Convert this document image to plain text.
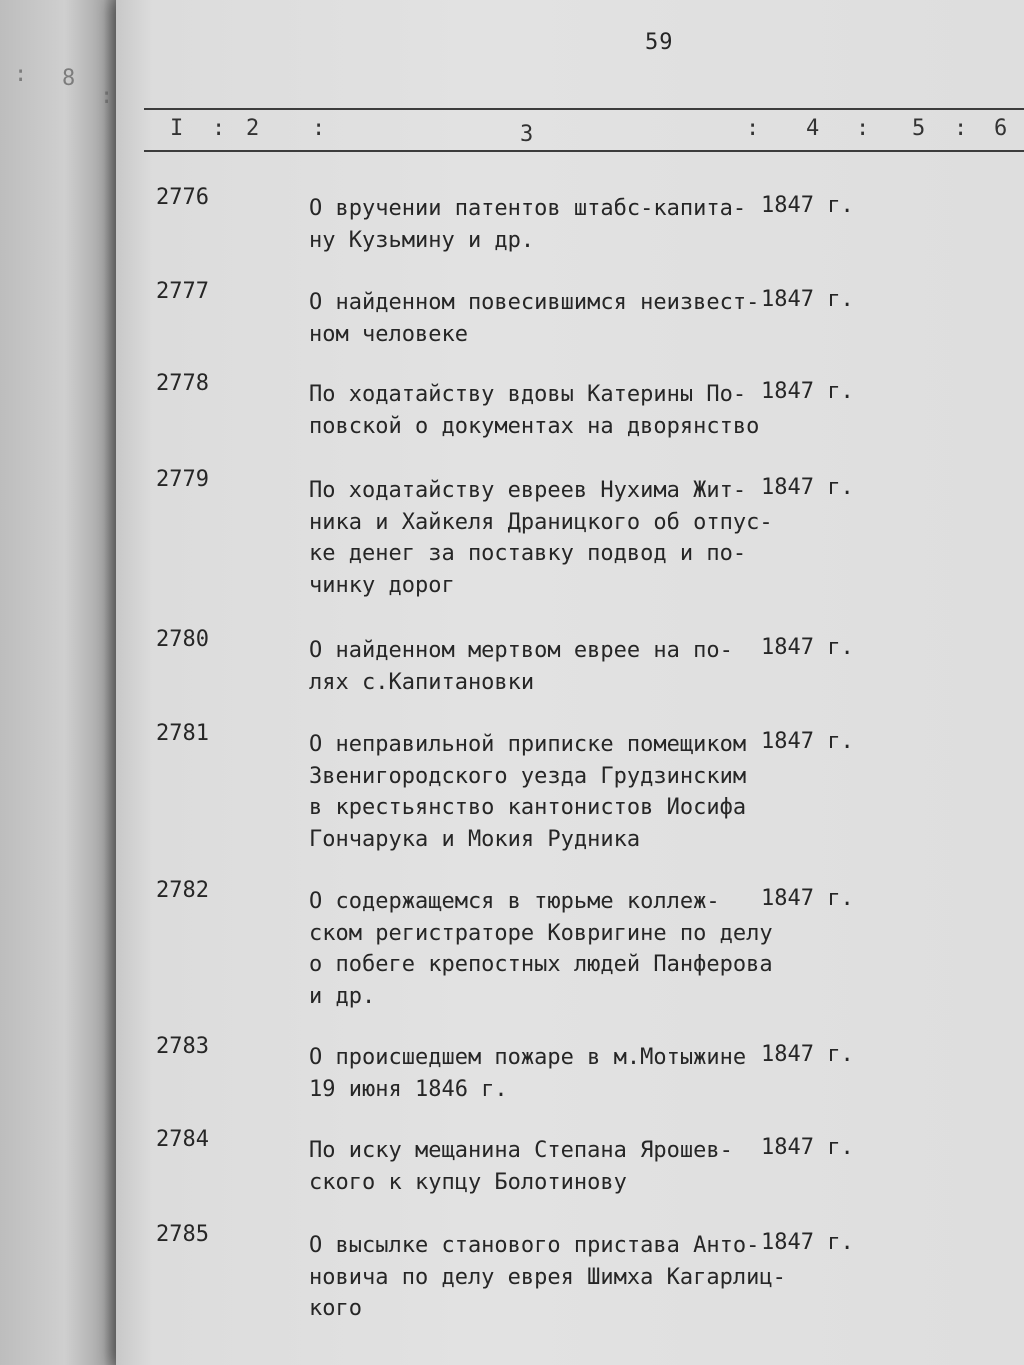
: 8
:
59
I : 2 :	3	: 4 : 5 : 6
2776	О вручении патентов штабс-капита-
ну Кузьмину и др.
1847 г.
2777	О найденном повесившимся неизвест-
ном человеке
1847 г.
2778	По ходатайству вдовы Катерины По-
повской о документах на дворянство
1847 г.
2779	По ходатайству евреев Нухима Жит-
ника и Хайкеля Драницкого об отпус-
ке денег за поставку подвод и по-
чинку дорог
1847 г.
2780	О найденном мертвом еврее на по-
лях с.Капитановки
1847 г.
2781	О неправильной приписке помещиком
Звенигородского уезда Грудзинским
в крестьянство кантонистов Иосифа
Гончарука и Мокия Рудника
1847 г.
2782	О содержащемся в тюрьме коллеж-
ском регистраторе Ковригине по делу
о побеге крепостных людей Панферова
и др.
1847 г.
2783	О происшедшем пожаре в м.Мотыжине
19 июня 1846 г.
1847 г.
2784	По иску мещанина Степана Ярошев-
ского к купцу Болотинову
1847 г.
2785	О высылке станового пристава Анто-
новича по делу еврея Шимха Кагарлиц-
кого
1847 г.
